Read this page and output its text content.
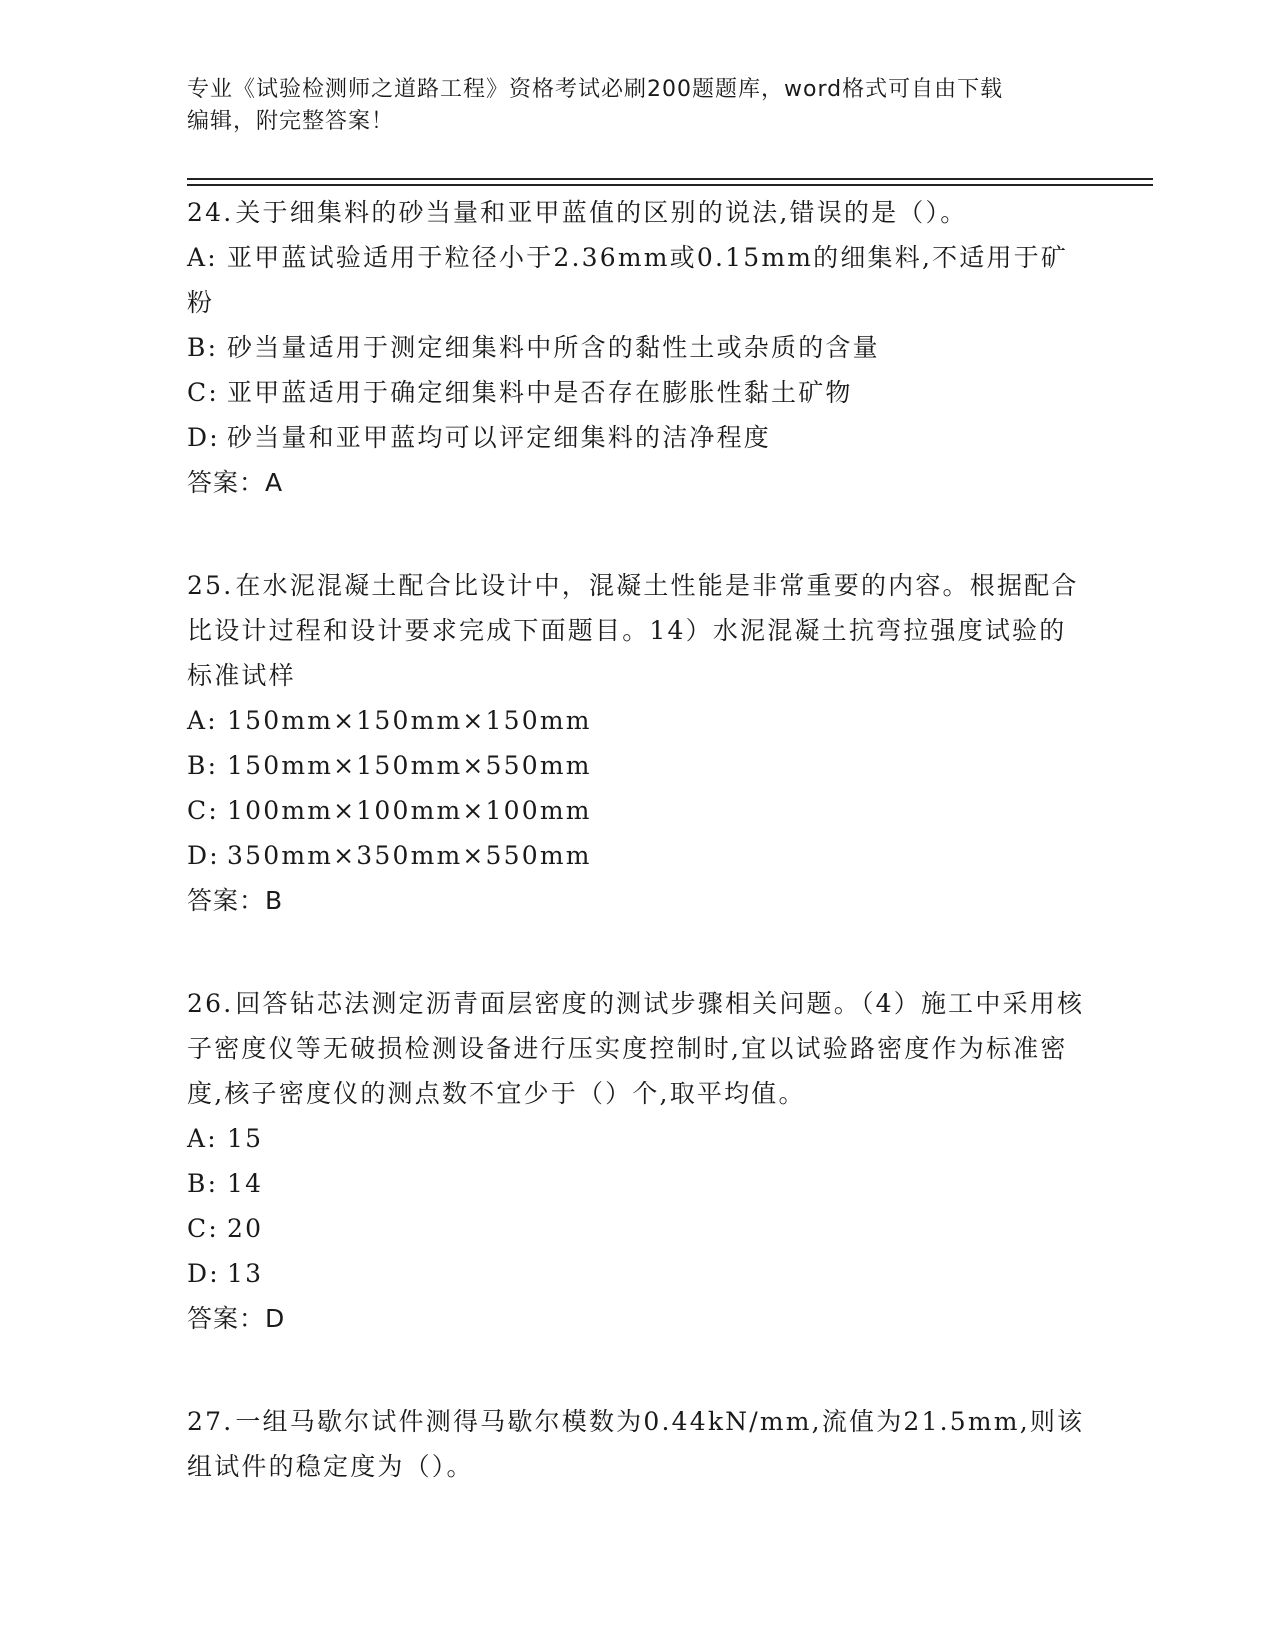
专业《试验检测师之道路工程》资格考试必刷200题题库，word格式可自由下载
编辑，附完整答案！
24.关于细集料的砂当量和亚甲蓝值的区别的说法,错误的是（）。
A: 亚甲蓝试验适用于粒径小于2.36mm或0.15mm的细集料,不适用于矿粉
B: 砂当量适用于测定细集料中所含的黏性土或杂质的含量
C: 亚甲蓝适用于确定细集料中是否存在膨胀性黏土矿物
D: 砂当量和亚甲蓝均可以评定细集料的洁净程度
答案：A
25.在水泥混凝土配合比设计中，混凝土性能是非常重要的内容。根据配合比设计过程和设计要求完成下面题目。14）水泥混凝土抗弯拉强度试验的标准试样
A: 150mm×150mm×150mm
B: 150mm×150mm×550mm
C: 100mm×100mm×100mm
D: 350mm×350mm×550mm
答案：B
26.回答钻芯法测定沥青面层密度的测试步骤相关问题。（4）施工中采用核子密度仪等无破损检测设备进行压实度控制时,宜以试验路密度作为标准密度,核子密度仪的测点数不宜少于（）个,取平均值。
A: 15
B: 14
C: 20
D: 13
答案：D
27.一组马歇尔试件测得马歇尔模数为0.44kN/mm,流值为21.5mm,则该组试件的稳定度为（）。
